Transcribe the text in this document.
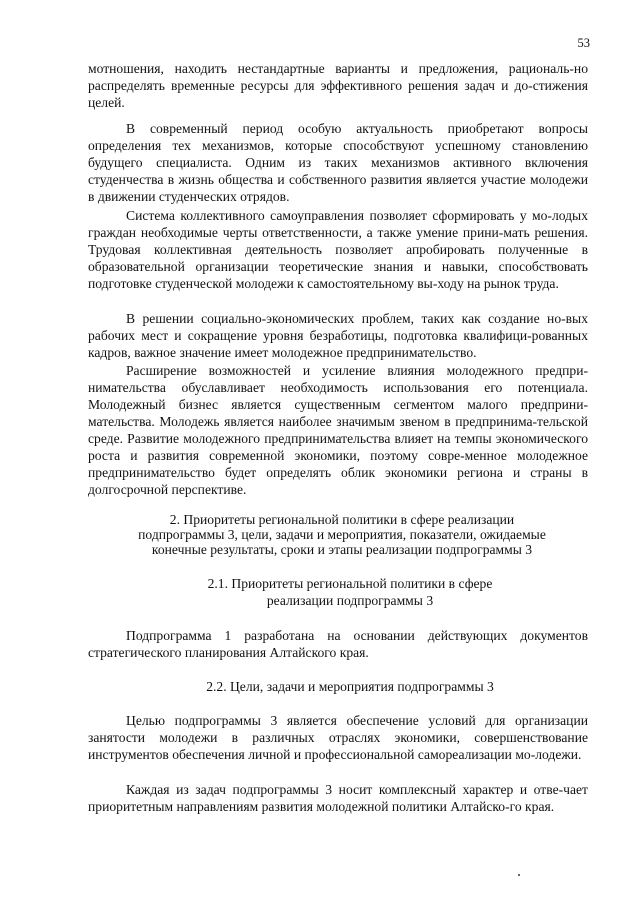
53

мотношения, находить нестандартные варианты и предложения, рациональ-но распределять временные ресурсы для эффективного решения задач и до-стижения целей.

В современный период особую актуальность приобретают вопросы определения тех механизмов, которые способствуют успешному становлению будущего специалиста. Одним из таких механизмов активного включения студенчества в жизнь общества и собственного развития является участие молодежи в движении студенческих отрядов.

Система коллективного самоуправления позволяет сформировать у мо-лодых граждан необходимые черты ответственности, а также умение прини-мать решения. Трудовая коллективная деятельность позволяет апробировать полученные в образовательной организации теоретические знания и навыки, способствовать подготовке студенческой молодежи к самостоятельному вы-ходу на рынок труда.

В решении социально-экономических проблем, таких как создание но-вых рабочих мест и сокращение уровня безработицы, подготовка квалифици-рованных кадров, важное значение имеет молодежное предпринимательство.

Расширение возможностей и усиление влияния молодежного предпри-нимательства обуславливает необходимость использования его потенциала. Молодежный бизнес является существенным сегментом малого предприни-мательства. Молодежь является наиболее значимым звеном в предпринима-тельской среде. Развитие молодежного предпринимательства влияет на темпы экономического роста и развития современной экономики, поэтому совре-менное молодежное предпринимательство будет определять облик экономики региона и страны в долгосрочной перспективе.

2. Приоритеты региональной политики в сфере реализации
подпрограммы 3, цели, задачи и мероприятия, показатели, ожидаемые
конечные результаты, сроки и этапы реализации подпрограммы 3
2.1. Приоритеты региональной политики в сфере
реализации подпрограммы 3

Подпрограмма 1 разработана на основании действующих документов стратегического планирования Алтайского края.

2.2. Цели, задачи и мероприятия подпрограммы 3

Целью подпрограммы 3 является обеспечение условий для организации занятости молодежи в различных отраслях экономики, совершенствование инструментов обеспечения личной и профессиональной самореализации мо-лодежи.

Каждая из задач подпрограммы 3 носит комплексный характер и отве-чает приоритетным направлениям развития молодежной политики Алтайско-го края.
